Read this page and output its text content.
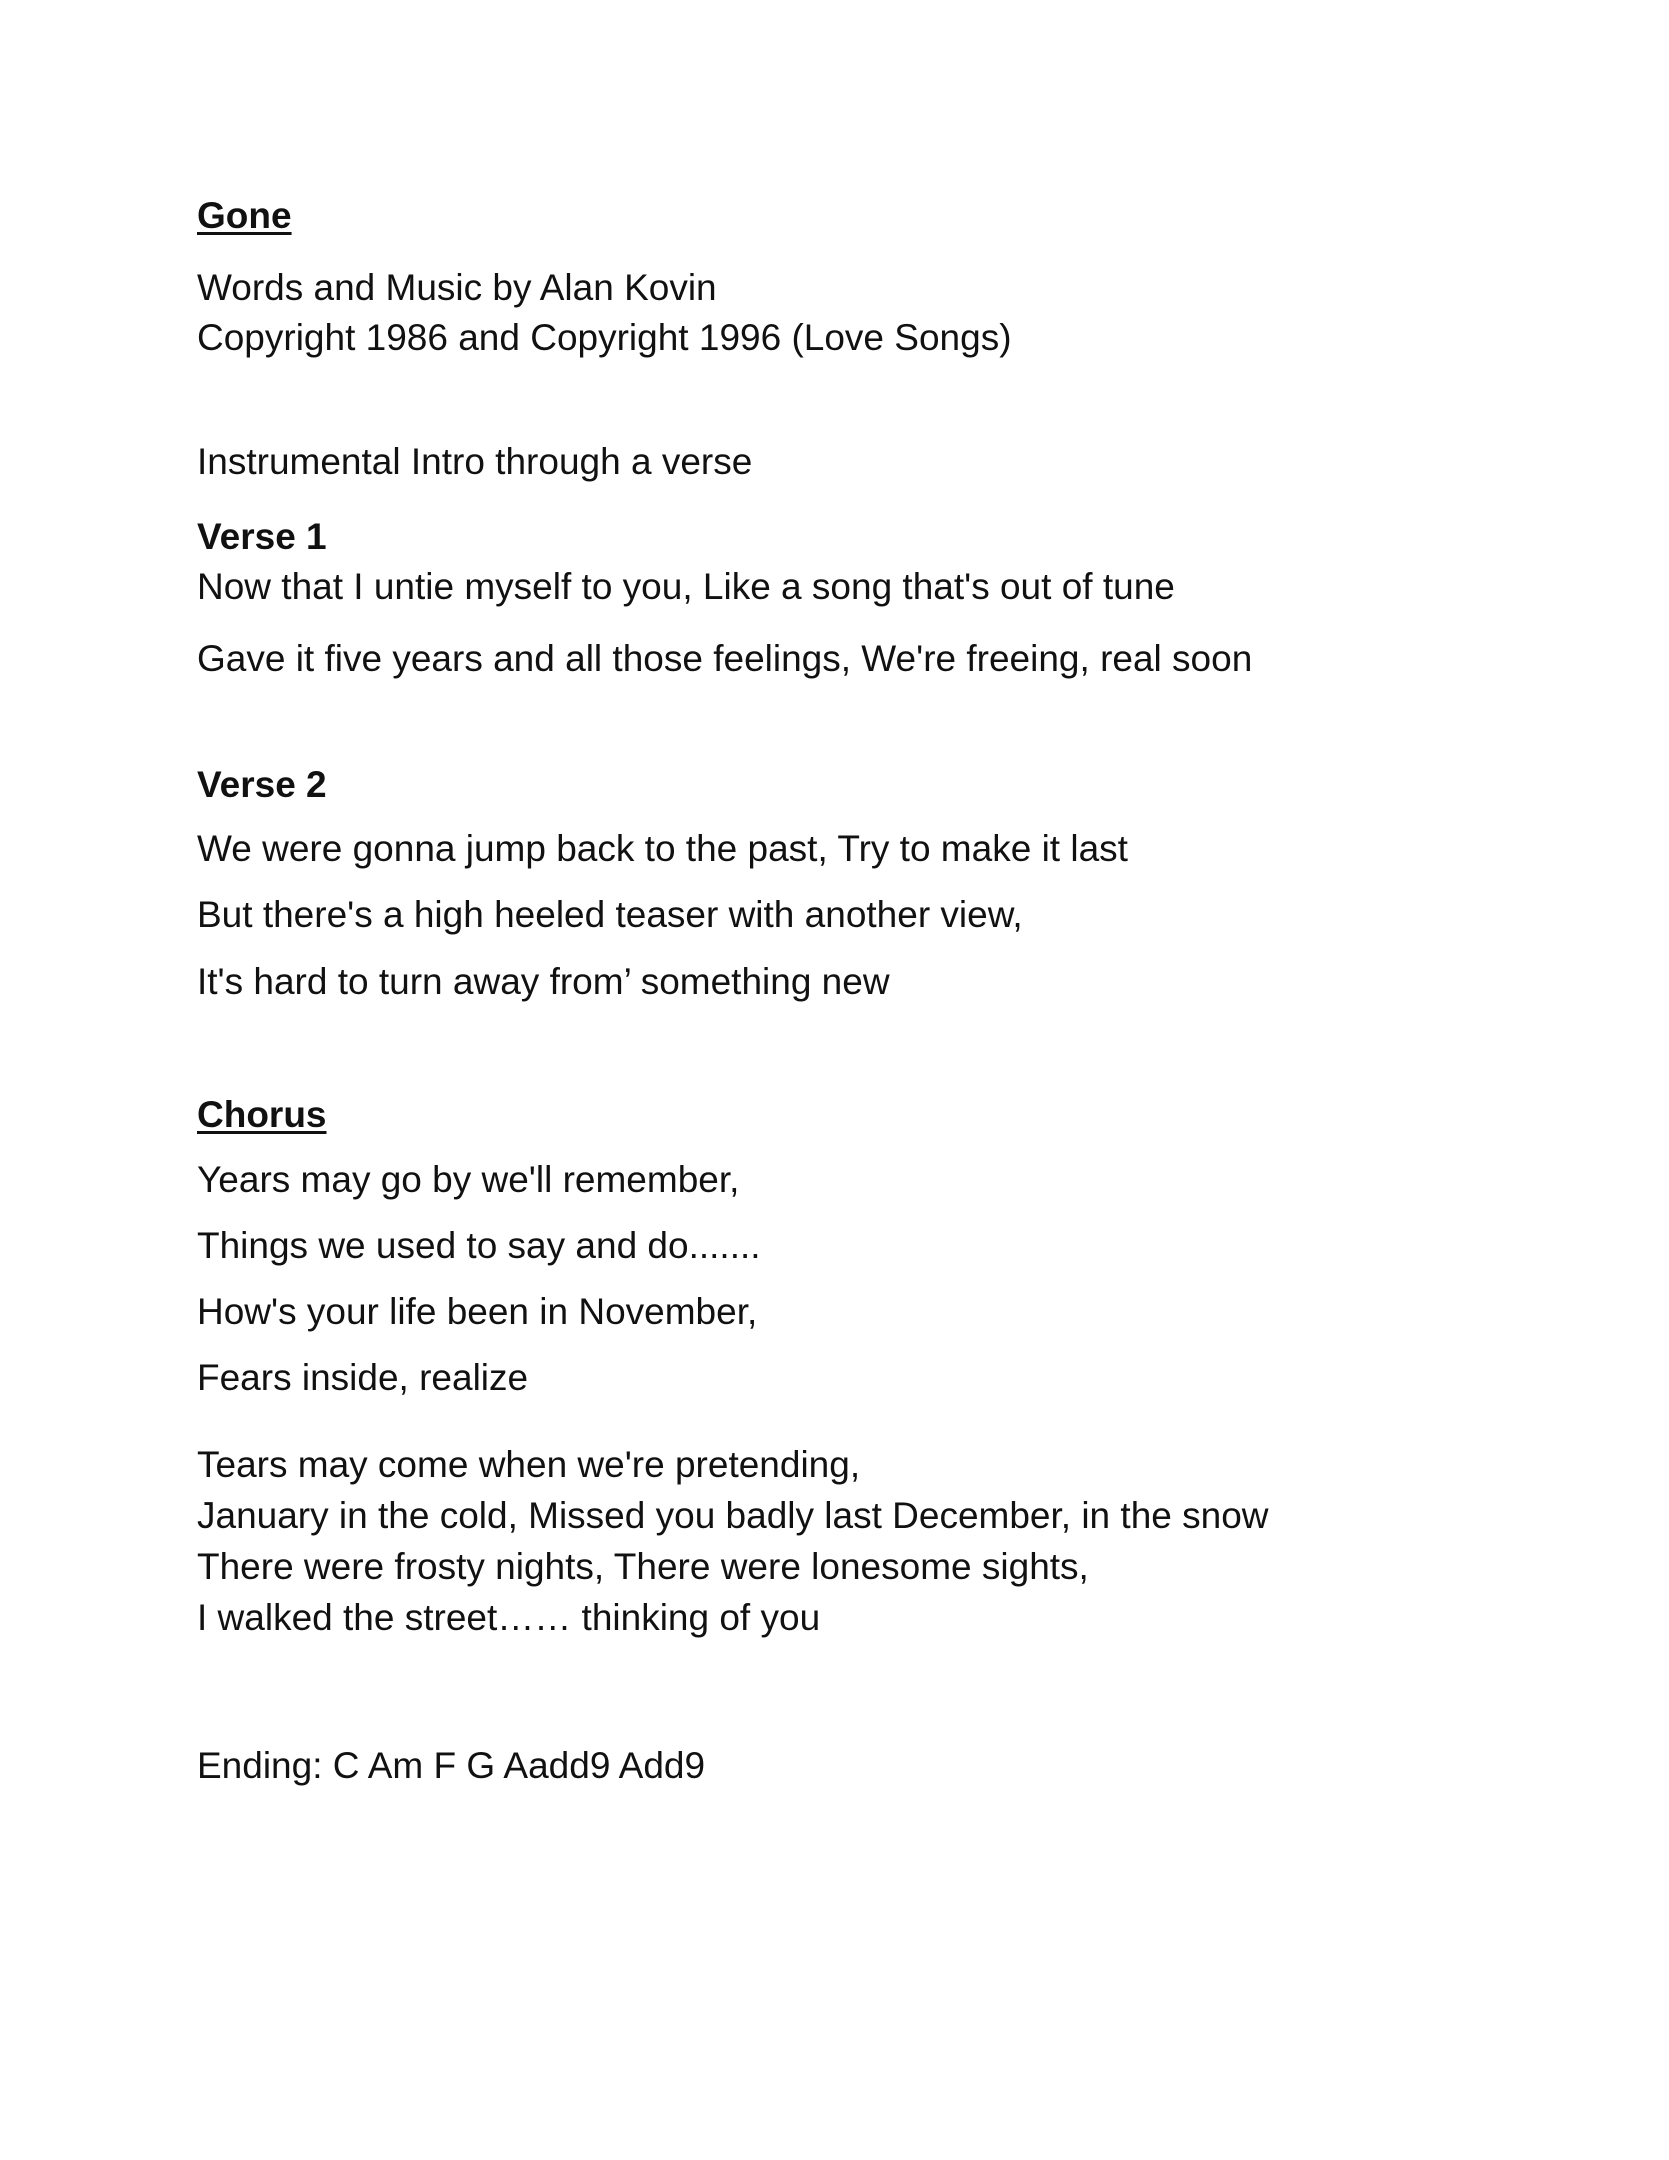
Gone

Words and Music by Alan Kovin

Copyright 1986 and Copyright 1996 (Love Songs)

Instrumental Intro through a verse

Verse 1

Now that I untie myself to you, Like a song that's out of tune

Gave it five years and all those feelings, We're freeing, real soon

Verse 2

We were gonna jump back to the past, Try to make it last

But there's a high heeled teaser with another view,

It's hard to turn away from’ something new

Chorus

Years may go by we'll remember,

Things we used to say and do.......

How's your life been in November,

Fears inside, realize

Tears may come when we're pretending,

January in the cold, Missed you badly last December, in the snow

There were frosty nights, There were lonesome sights,

I walked the street…… thinking of you

Ending: C Am F G Aadd9 Add9
